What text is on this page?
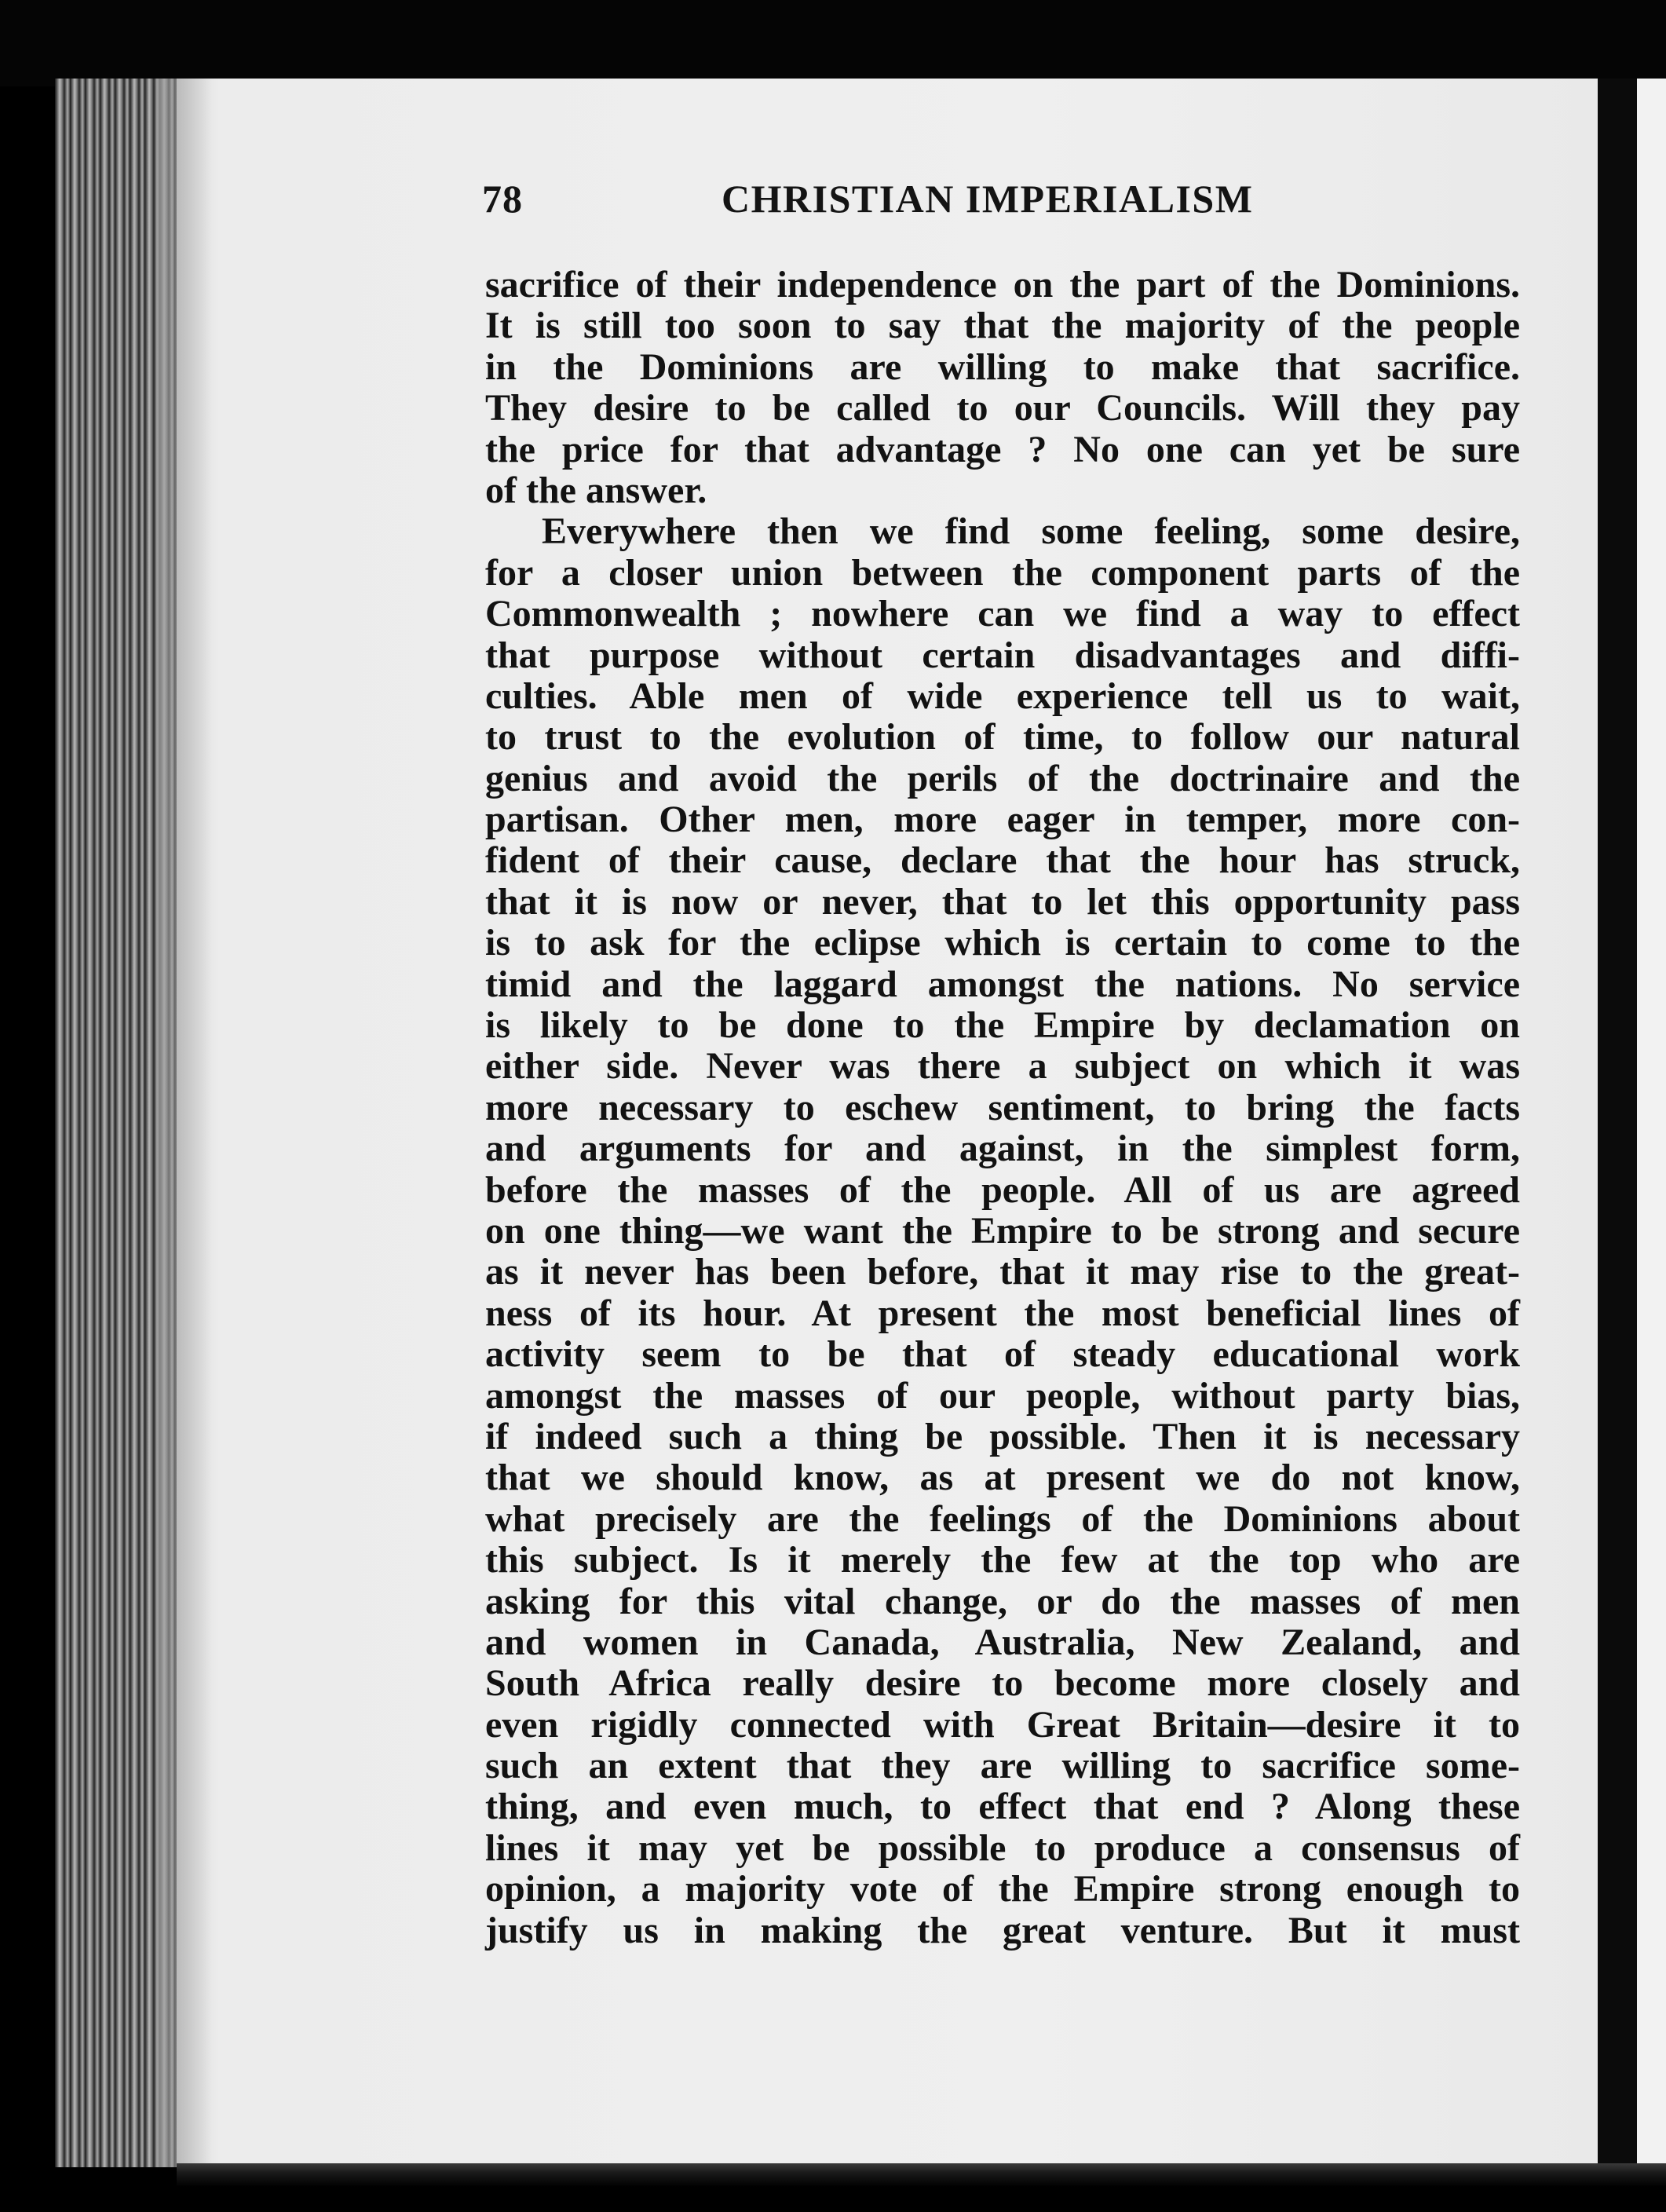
78	CHRISTIAN IMPERIALISM
sacrifice of their independence on the part of the Dominions.
It is still too soon to say that the majority of the people
in the Dominions are willing to make that sacrifice.
They desire to be called to our Councils. Will they pay
the price for that advantage ? No one can yet be sure
of the answer.
Everywhere then we find some feeling, some desire,
for a closer union between the component parts of the
Commonwealth ; nowhere can we find a way to effect
that purpose without certain disadvantages and diffi-
culties. Able men of wide experience tell us to wait,
to trust to the evolution of time, to follow our natural
genius and avoid the perils of the doctrinaire and the
partisan. Other men, more eager in temper, more con-
fident of their cause, declare that the hour has struck,
that it is now or never, that to let this opportunity pass
is to ask for the eclipse which is certain to come to the
timid and the laggard amongst the nations. No service
is likely to be done to the Empire by declamation on
either side. Never was there a subject on which it was
more necessary to eschew sentiment, to bring the facts
and arguments for and against, in the simplest form,
before the masses of the people. All of us are agreed
on one thing—we want the Empire to be strong and secure
as it never has been before, that it may rise to the great-
ness of its hour. At present the most beneficial lines of
activity seem to be that of steady educational work
amongst the masses of our people, without party bias,
if indeed such a thing be possible. Then it is necessary
that we should know, as at present we do not know,
what precisely are the feelings of the Dominions about
this subject. Is it merely the few at the top who are
asking for this vital change, or do the masses of men
and women in Canada, Australia, New Zealand, and
South Africa really desire to become more closely and
even rigidly connected with Great Britain—desire it to
such an extent that they are willing to sacrifice some-
thing, and even much, to effect that end ? Along these
lines it may yet be possible to produce a consensus of
opinion, a majority vote of the Empire strong enough to
justify us in making the great venture. But it must
